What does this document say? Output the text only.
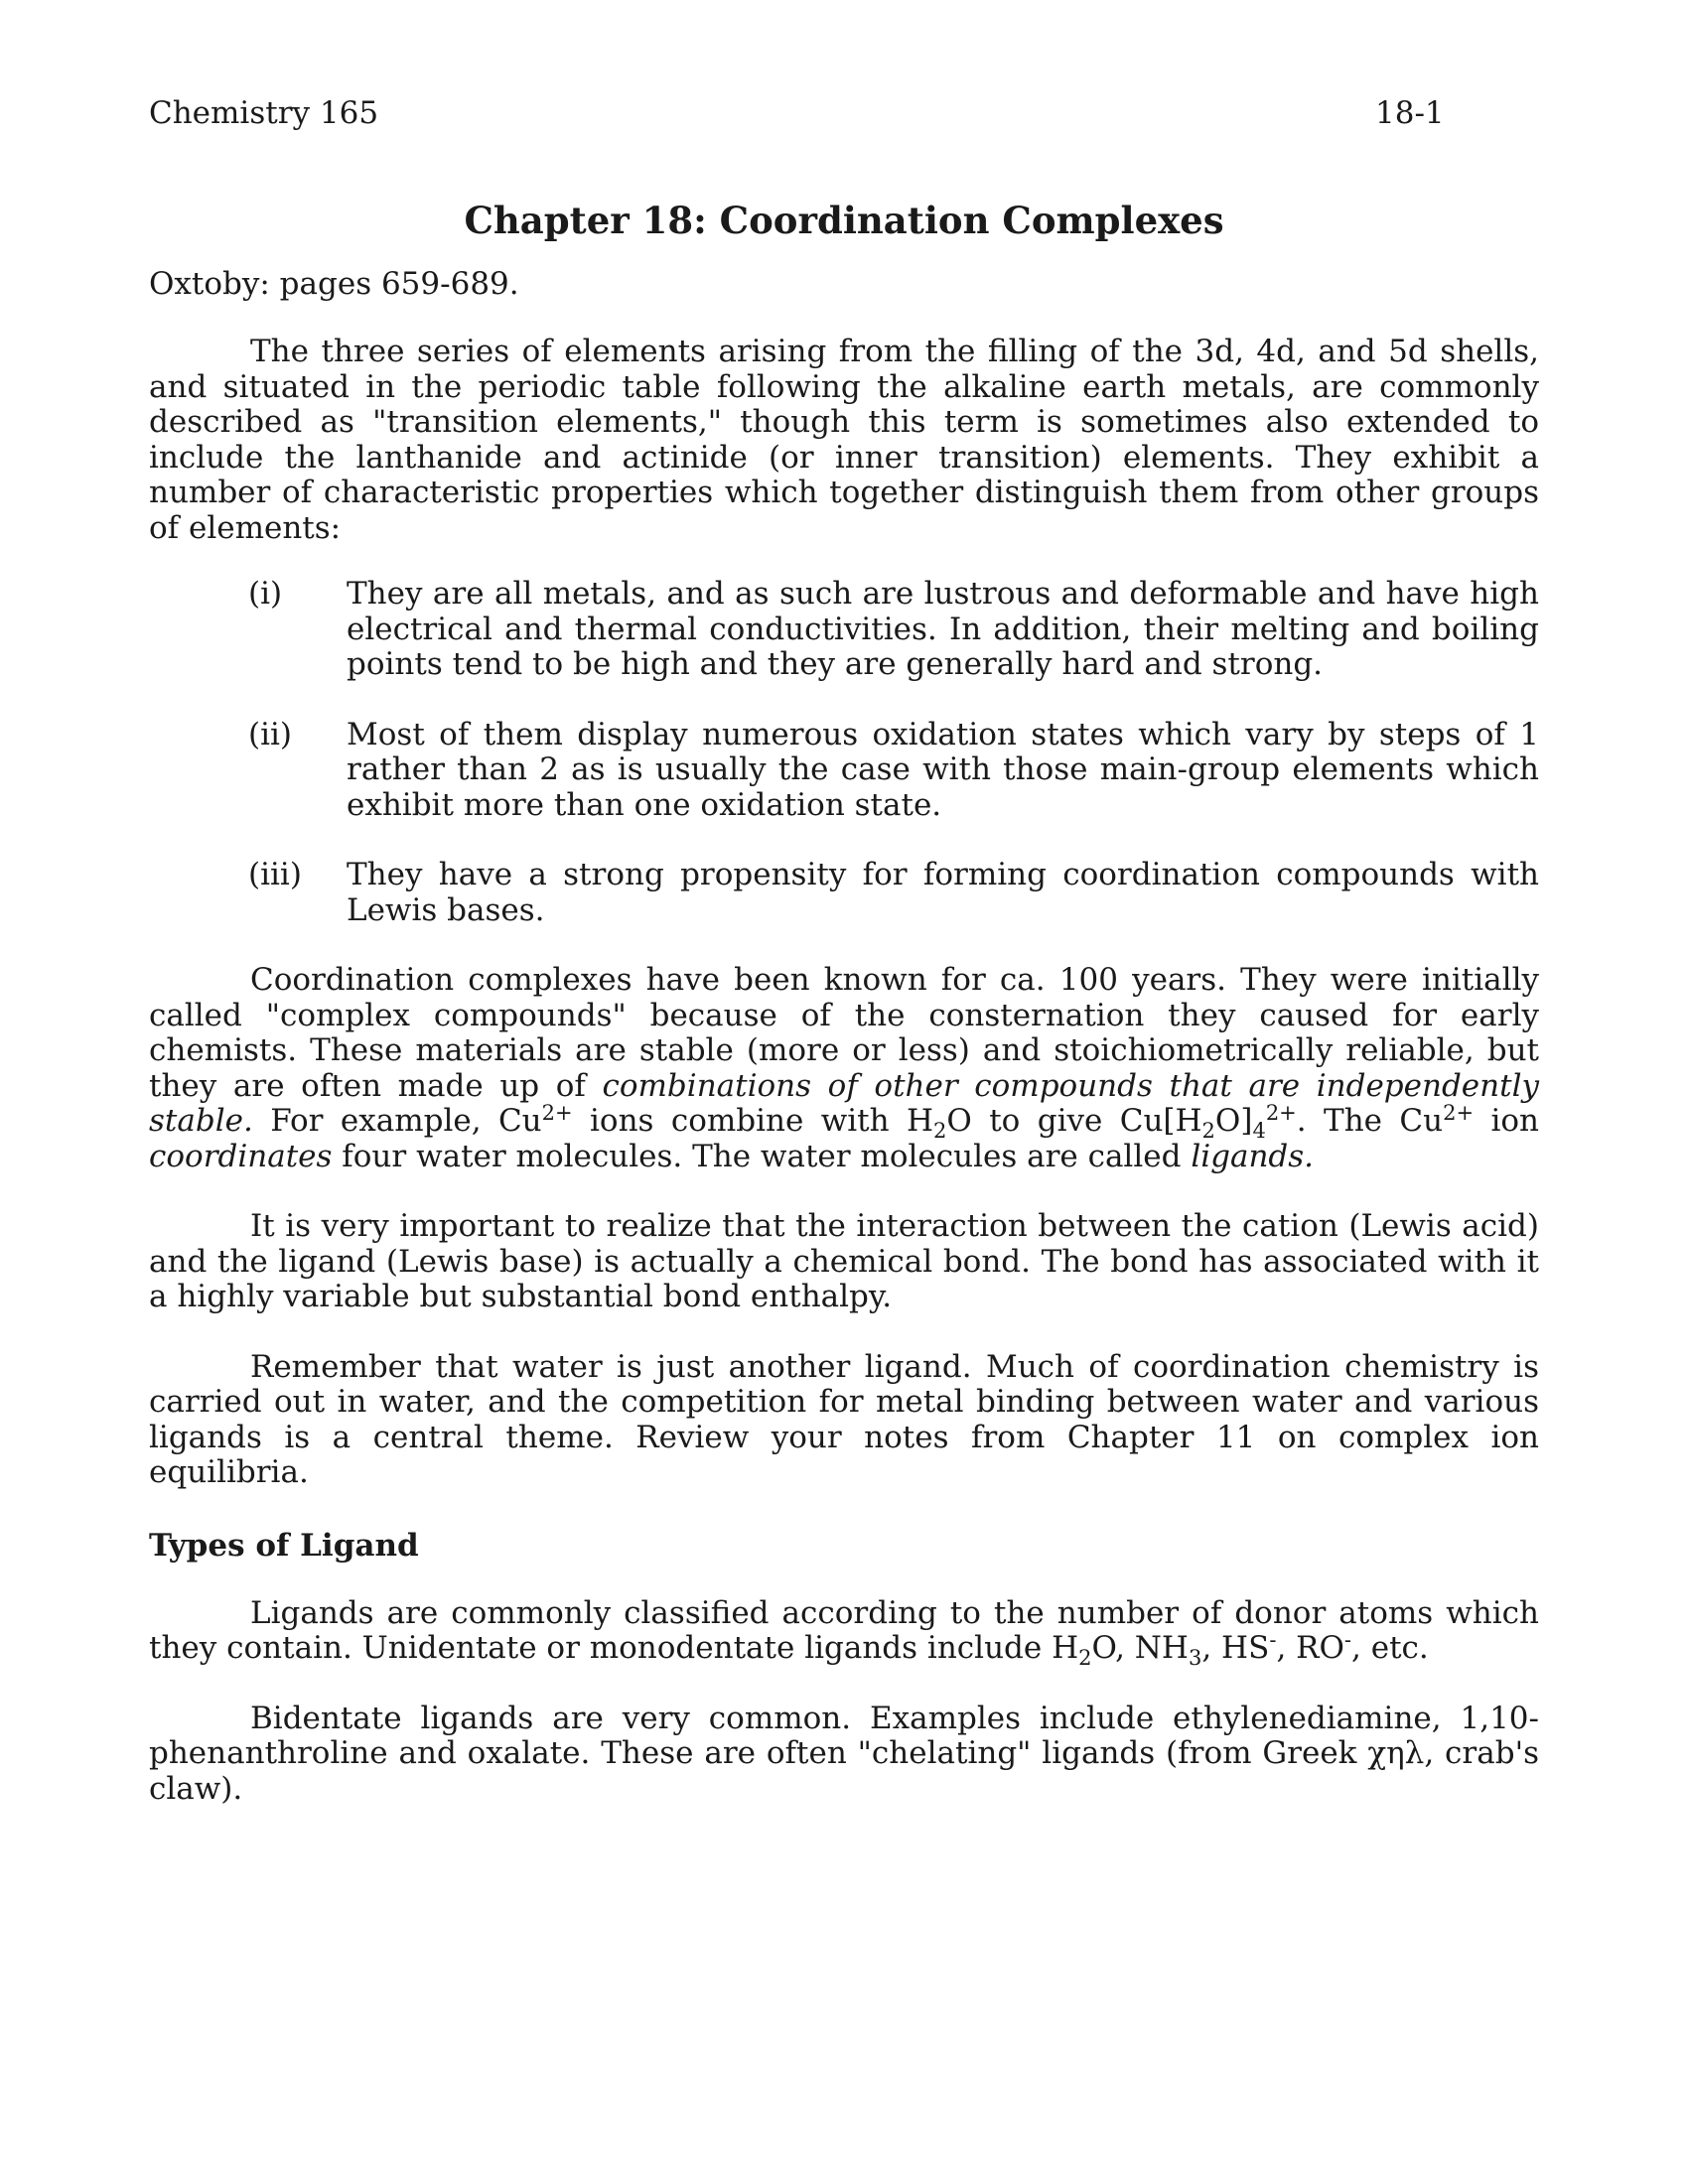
Chemistry 165	18-1
Chapter 18: Coordination Complexes
Oxtoby: pages 659-689.

The three series of elements arising from the filling of the 3d, 4d, and 5d shells, and situated in the periodic table following the alkaline earth metals, are commonly described as "transition elements," though this term is sometimes also extended to include the lanthanide and actinide (or inner transition) elements. They exhibit a number of characteristic properties which together distinguish them from other groups of elements:

(i) They are all metals, and as such are lustrous and deformable and have high electrical and thermal conductivities. In addition, their melting and boiling points tend to be high and they are generally hard and strong.
(ii) Most of them display numerous oxidation states which vary by steps of 1 rather than 2 as is usually the case with those main-group elements which exhibit more than one oxidation state.
(iii) They have a strong propensity for forming coordination compounds with Lewis bases.

Coordination complexes have been known for ca. 100 years. They were initially called "complex compounds" because of the consternation they caused for early chemists. These materials are stable (more or less) and stoichiometrically reliable, but they are often made up of combinations of other compounds that are independently stable. For example, $Cu^{2+}$ ions combine with $H_2O$ to give $Cu[H_2O]_4^{2+}$. The $Cu^{2+}$ ion coordinates four water molecules. The water molecules are called ligands.

It is very important to realize that the interaction between the cation (Lewis acid) and the ligand (Lewis base) is actually a chemical bond. The bond has associated with it a highly variable but substantial bond enthalpy.

Remember that water is just another ligand. Much of coordination chemistry is carried out in water, and the competition for metal binding between water and various ligands is a central theme. Review your notes from Chapter 11 on complex ion equilibria.

Types of Ligand

Ligands are commonly classified according to the number of donor atoms which they contain. Unidentate or monodentate ligands include $H_2O$, $NH_3$, HS-, RO-, etc.

Bidentate ligands are very common. Examples include ethylenediamine, 1,10-phenanthroline and oxalate. These are often "chelating" ligands (from Greek χηλ, crab's claw).
